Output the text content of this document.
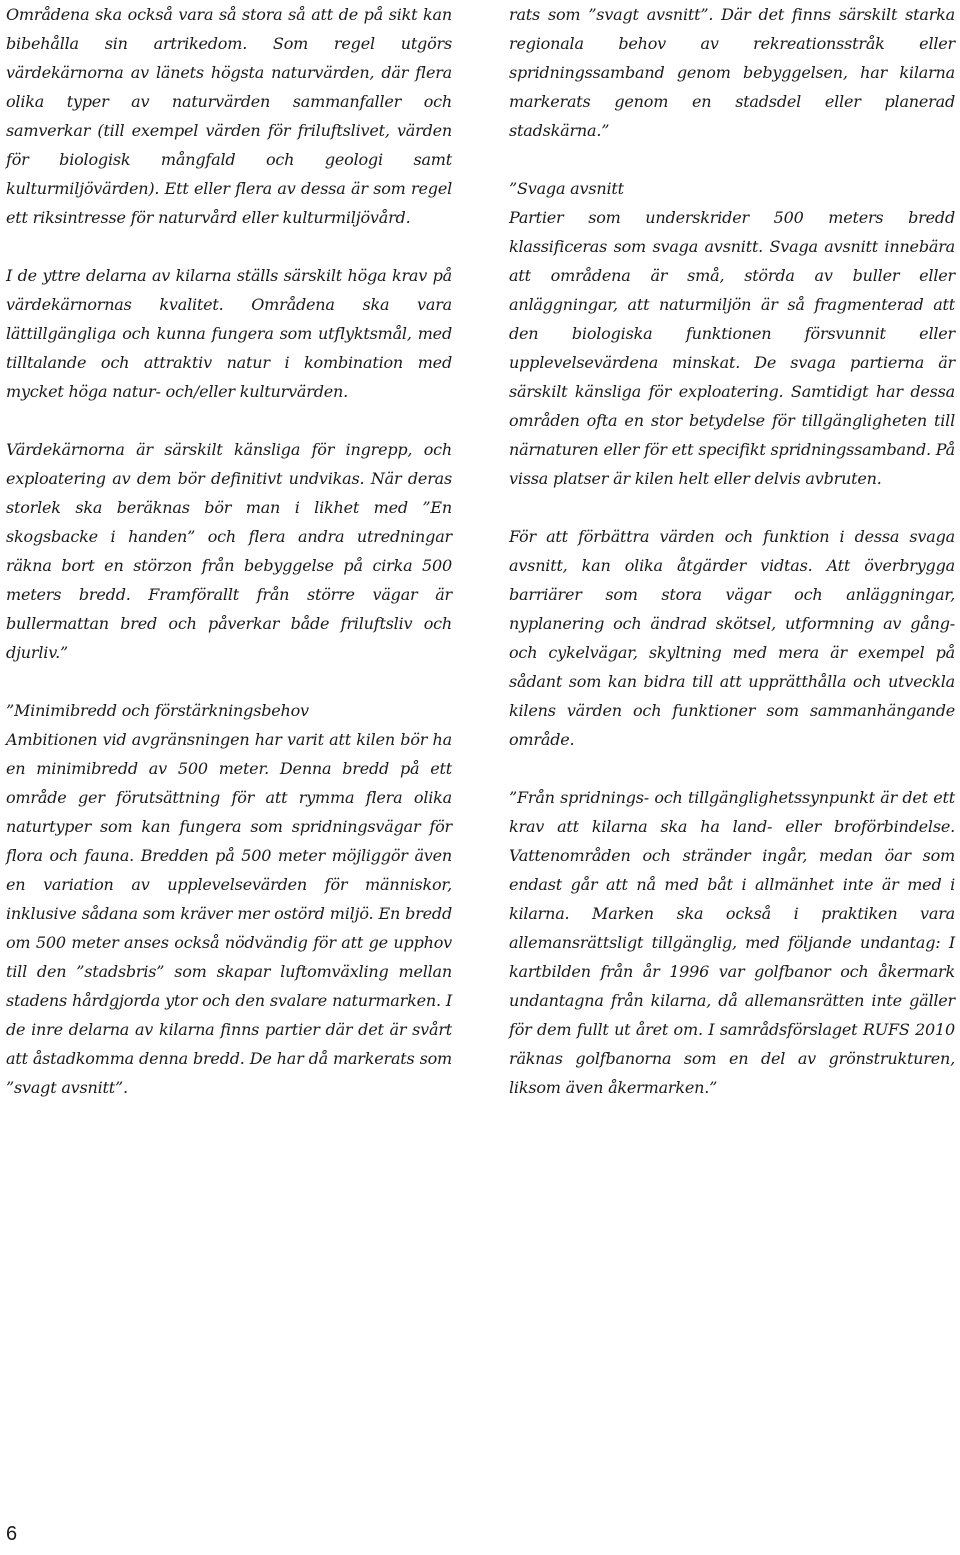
Områdena ska också vara så stora så att de på sikt kan bibehålla sin artrikedom. Som regel utgörs värdekärnorna av länets högsta naturvärden, där flera olika typer av naturvärden sammanfaller och samverkar (till exempel värden för friluftslivet, värden för biologisk mångfald och geologi samt kulturmiljövärden). Ett eller flera av dessa är som regel ett riksintresse för naturvård eller kulturmiljövård.

I de yttre delarna av kilarna ställs särskilt höga krav på värdekärnornas kvalitet. Områdena ska vara lättillgängliga och kunna fungera som utflyktsmål, med tilltalande och attraktiv natur i kombination med mycket höga natur- och/eller kulturvärden.

Värdekärnorna är särskilt känsliga för ingrepp, och exploatering av dem bör definitivt undvikas. När deras storlek ska beräknas bör man i likhet med ”En skogsbacke i handen” och flera andra utredningar räkna bort en störzon från bebyggelse på cirka 500 meters bredd. Framförallt från större vägar är bullermattan bred och påverkar både friluftsliv och djurliv.”

”Minimibredd och förstärkningsbehov

Ambitionen vid avgränsningen har varit att kilen bör ha en minimibredd av 500 meter. Denna bredd på ett område ger förutsättning för att rymma flera olika naturtyper som kan fungera som spridningsvägar för flora och fauna. Bredden på 500 meter möjliggör även en variation av upplevelsevärden för människor, inklusive sådana som kräver mer ostörd miljö. En bredd om 500 meter anses också nödvändig för att ge upphov till den ”stadsbris” som skapar luftomväxling mellan stadens hårdgjorda ytor och den svalare naturmarken. I de inre delarna av kilarna finns partier där det är svårt att åstadkomma denna bredd. De har då markerats som ”svagt avsnitt”.

rats som ”svagt avsnitt”. Där det finns särskilt starka regionala behov av rekreationsstråk eller spridningssamband genom bebyggelsen, har kilarna markerats genom en stadsdel eller planerad stadskärna.”

”Svaga avsnitt

Partier som underskrider 500 meters bredd klassificeras som svaga avsnitt. Svaga avsnitt innebära att områdena är små, störda av buller eller anläggningar, att naturmiljön är så fragmenterad att den biologiska funktionen försvunnit eller upplevelsevärdena minskat. De svaga partierna är särskilt känsliga för exploatering. Samtidigt har dessa områden ofta en stor betydelse för tillgängligheten till närnaturen eller för ett specifikt spridningssamband. På vissa platser är kilen helt eller delvis avbruten.

För att förbättra värden och funktion i dessa svaga avsnitt, kan olika åtgärder vidtas. Att överbrygga barriärer som stora vägar och anläggningar, nyplanering och ändrad skötsel, utformning av gång- och cykelvägar, skyltning med mera är exempel på sådant som kan bidra till att upprätthålla och utveckla kilens värden och funktioner som sammanhängande område.

”Från spridnings- och tillgänglighetssynpunkt är det ett krav att kilarna ska ha land- eller broförbindelse. Vattenområden och stränder ingår, medan öar som endast går att nå med båt i allmänhet inte är med i kilarna. Marken ska också i praktiken vara allemansrättsligt tillgänglig, med följande undantag: I kartbilden från år 1996 var golfbanor och åkermark undantagna från kilarna, då allemansrätten inte gäller för dem fullt ut året om. I samrådsförslaget RUFS 2010 räknas golfbanorna som en del av grönstrukturen, liksom även åkermarken.”

6
